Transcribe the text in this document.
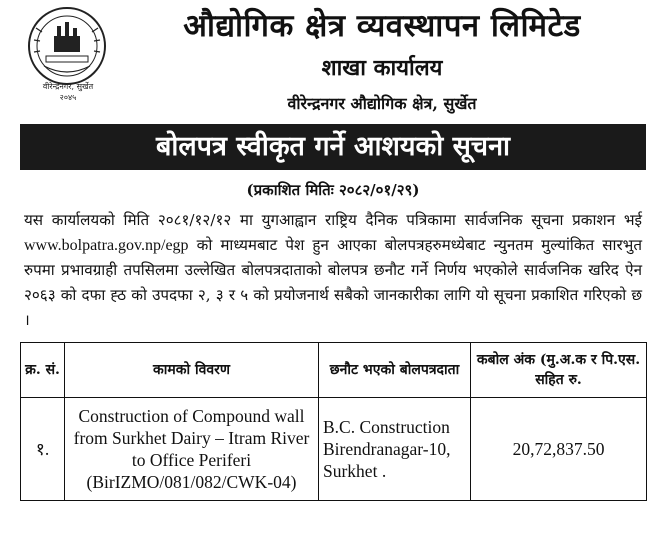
वीरेन्द्रनगर, सुर्खेत
२०४५
औद्योगिक क्षेत्र व्यवस्थापन लिमिटेड
शाखा कार्यालय
वीरेन्द्रनगर औद्योगिक क्षेत्र, सुर्खेत
बोलपत्र स्वीकृत गर्ने आशयको सूचना
(प्रकाशित मितिः २०८२/०१/२९)
यस कार्यालयको मिति २०८१/१२/१२ मा युगआह्वान राष्ट्रिय दैनिक पत्रिकामा सार्वजनिक सूचना प्रकाशन भई www.bolpatra.gov.np/egp को माध्यमबाट पेश हुन आएका बोलपत्रहरुमध्येबाट न्युनतम मुल्यांकित सारभुत रुपमा प्रभावग्राही तपसिलमा उल्लेखित बोलपत्रदाताको बोलपत्र छनौट गर्ने निर्णय भएकोले सार्वजनिक खरिद ऐन २०६३ को दफा ह्ठ को उपदफा २, ३ र ५ को प्रयोजनार्थ सबैको जानकारीका लागि यो सूचना प्रकाशित गरिएको छ ।
क्र. सं.	कामको विवरण	छनौट भएको बोलपत्रदाता	कबोल अंक (मु.अ.क र पि.एस. सहित रु.
१.	Construction of Compound wall from Surkhet Dairy – Itram River to Office Periferi (BirIZMO/081/082/CWK-04)	B.C. Construction Birendranagar-10, Surkhet .	20,72,837.50
